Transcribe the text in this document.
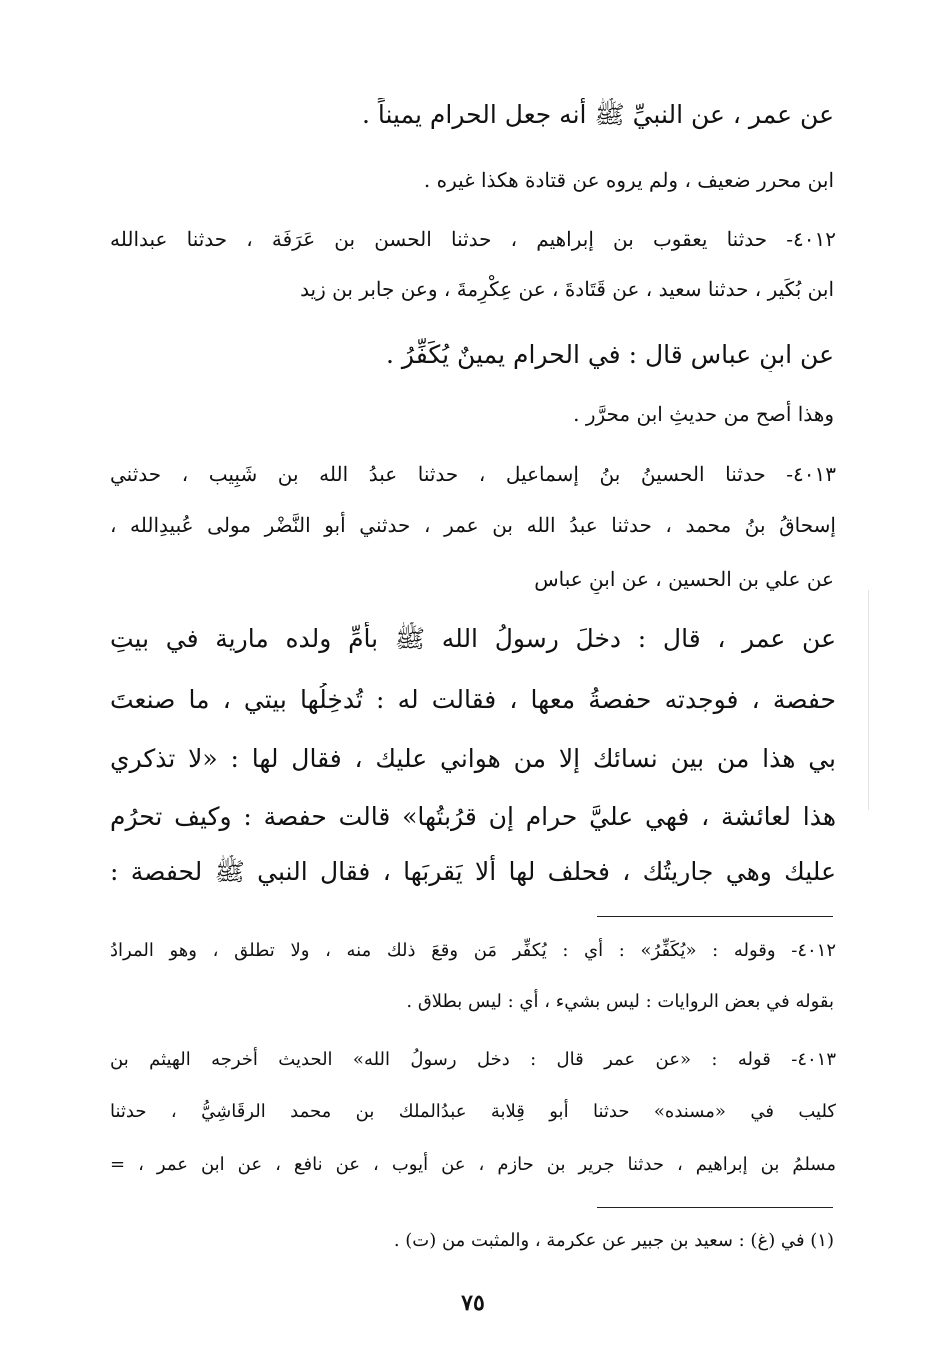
عن عمر ، عن النبيِّ ﷺ أنه جعل الحرام يميناً .
ابن محرر ضعيف ، ولم يروه عن قتادة هكذا غيره .
٤٠١٢- حدثنا يعقوب بن إبراهيم ، حدثنا الحسن بن عَرَفَة ، حدثنا عبدالله
ابن بُكَير ، حدثنا سعيد ، عن قَتَادةَ ، عن عِكْرِمةَ ، وعن جابر بن زيد
عن ابنِ عباس قال : في الحرام يمينٌ يُكَفِّرُ .
وهذا أصح من حديثِ ابن محرَّر .
٤٠١٣- حدثنا الحسينُ بنُ إسماعيل ، حدثنا عبدُ الله بن شَبِيب ، حدثني
إسحاقُ بنُ محمد ، حدثنا عبدُ الله بن عمر ، حدثني أبو النَّضْر مولى عُبيدِالله ،
عن علي بن الحسين ، عن ابنِ عباس
عن عمر ، قال : دخلَ رسولُ الله ﷺ بأمِّ ولده مارية في بيتِ
حفصة ، فوجدته حفصةُ معها ، فقالت له : تُدخِلُها بيتي ، ما صنعتَ
بي هذا من بين نسائك إلا من هواني عليك ، فقال لها : «لا تذكري
هذا لعائشة ، فهي عليَّ حرام إن قرُبتُها» قالت حفصة : وكيف تحرُم
عليك وهي جاريتُك ، فحلف لها ألا يَقربَها ، فقال النبي ﷺ لحفصة :
٤٠١٢- وقوله : «يُكَفِّرُ» : أي : يُكفِّر مَن وقعَ ذلك منه ، ولا تطلق ، وهو المرادُ
بقوله في بعض الروايات : ليس بشيء ، أي : ليس بطلاق .
٤٠١٣- قوله : «عن عمر قال : دخل رسولُ الله» الحديث أخرجه الهيثم بن
كليب في «مسنده» حدثنا أبو قِلابة عبدُالملك بن محمد الرقَاشِيُّ ، حدثنا
مسلمُ بن إبراهيم ، حدثنا جرير بن حازم ، عن أيوب ، عن نافع ، عن ابن عمر ، =
(١) في (غ) : سعيد بن جبير عن عكرمة ، والمثبت من (ت) .
٧٥
